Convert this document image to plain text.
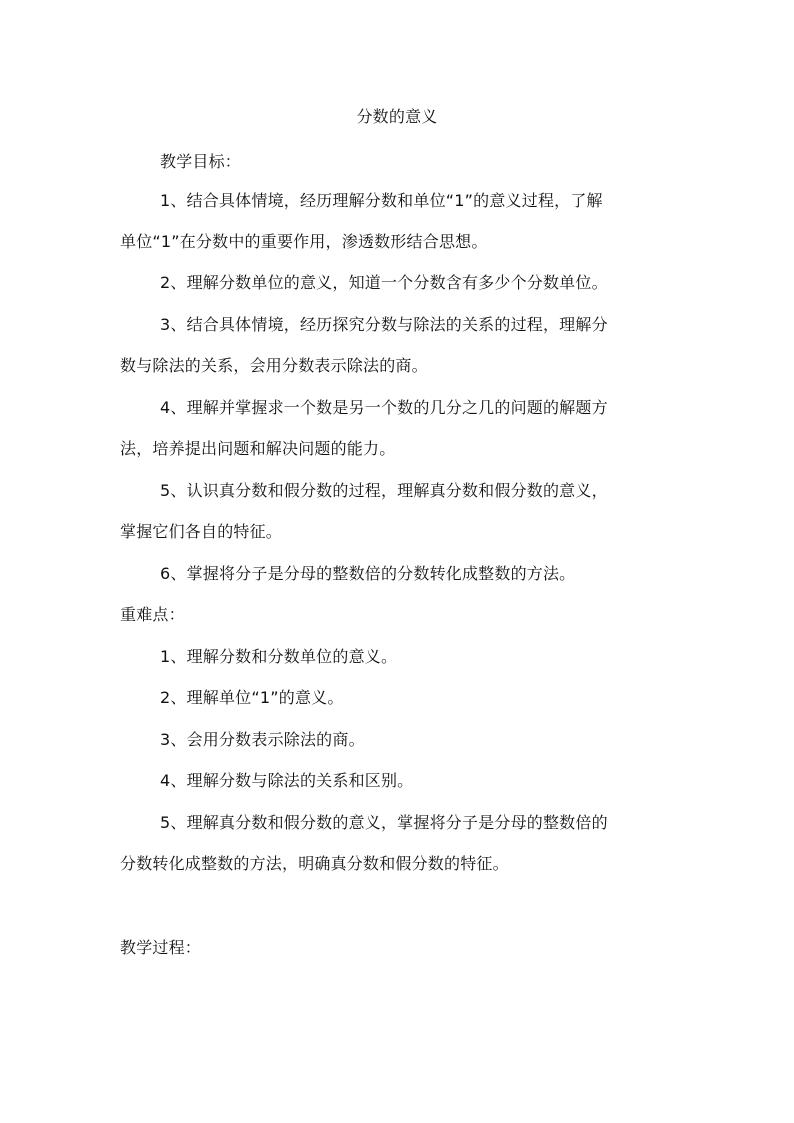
分数的意义
教学目标：
1、结合具体情境，经历理解分数和单位“1”的意义过程，了解
单位“1”在分数中的重要作用，渗透数形结合思想。
2、理解分数单位的意义，知道一个分数含有多少个分数单位。
3、结合具体情境，经历探究分数与除法的关系的过程，理解分
数与除法的关系，会用分数表示除法的商。
4、理解并掌握求一个数是另一个数的几分之几的问题的解题方
法，培养提出问题和解决问题的能力。
5、认识真分数和假分数的过程，理解真分数和假分数的意义，
掌握它们各自的特征。
6、掌握将分子是分母的整数倍的分数转化成整数的方法。
重难点：
1、理解分数和分数单位的意义。
2、理解单位“1”的意义。
3、会用分数表示除法的商。
4、理解分数与除法的关系和区别。
5、理解真分数和假分数的意义，掌握将分子是分母的整数倍的
分数转化成整数的方法，明确真分数和假分数的特征。
教学过程：
